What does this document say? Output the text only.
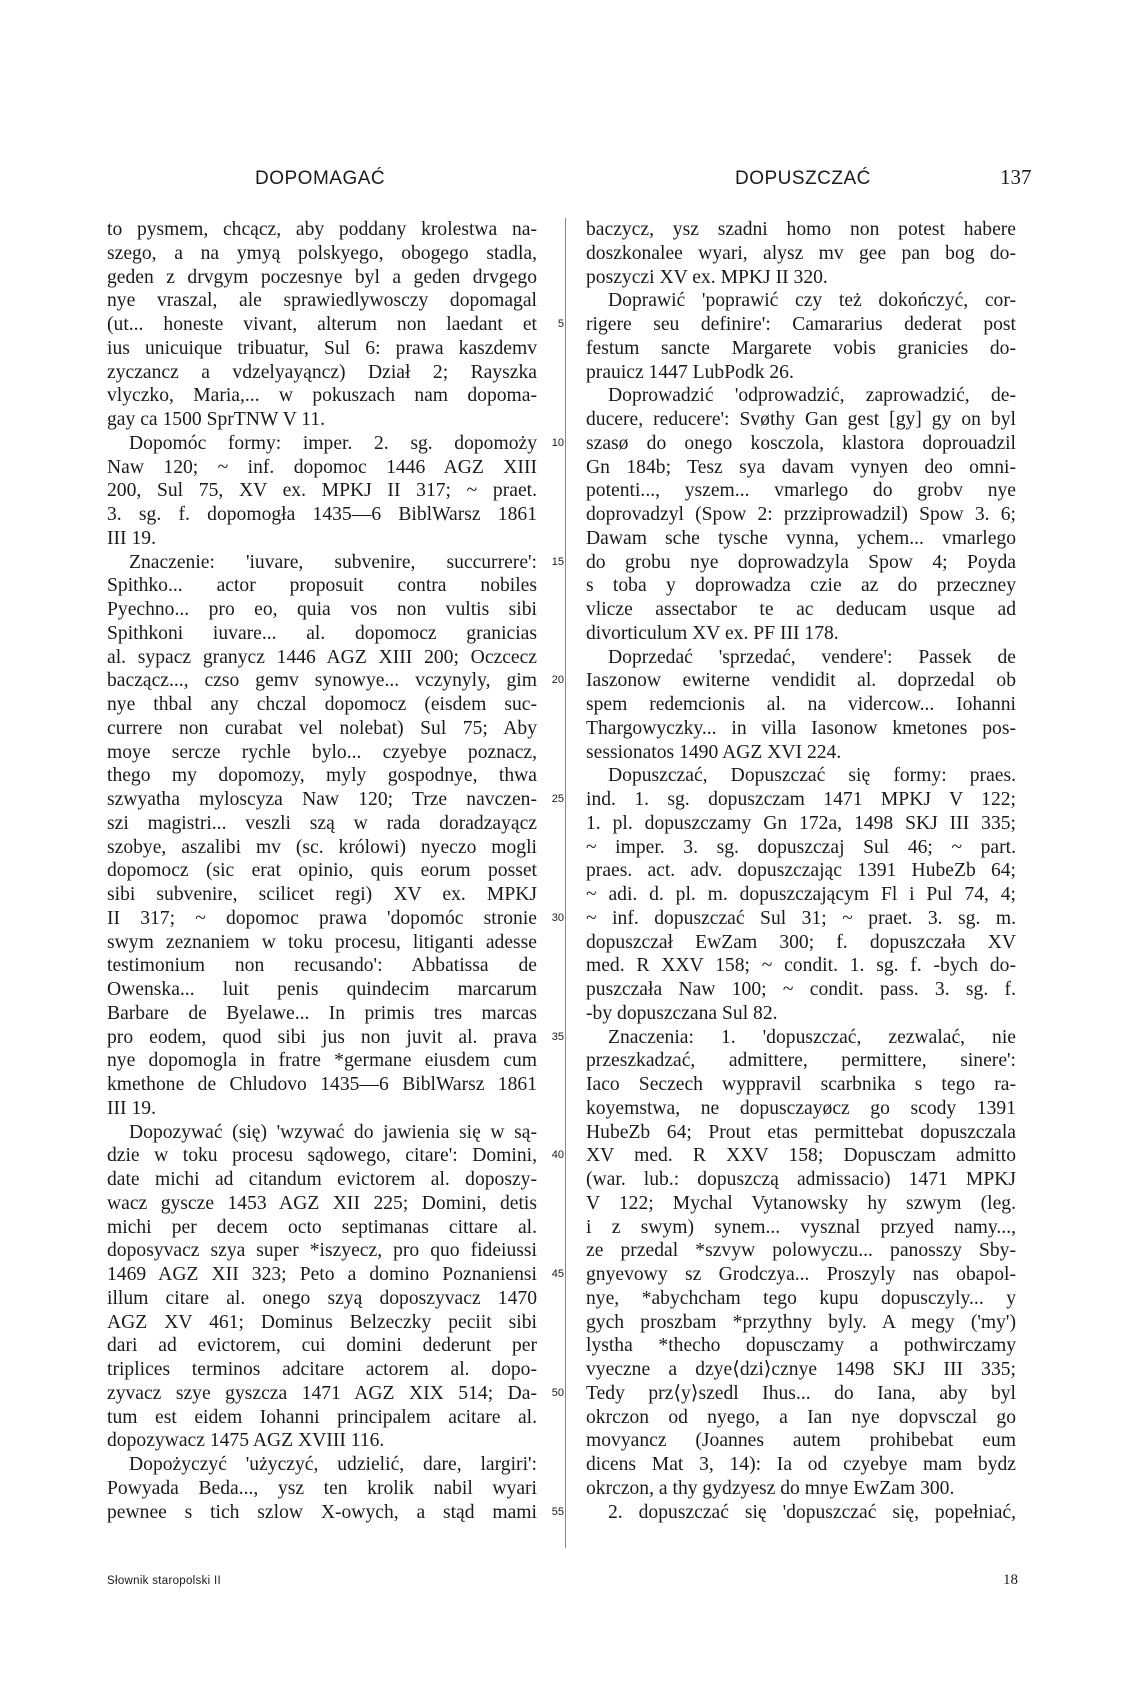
DOPOMAGAĆ	DOPUSZCZAĆ	137
to pysmem, chcącz, aby poddany krolestwa na-
szego, a na ymyą polskyego, obogego stadla,
geden z drvgym poczesnye byl a geden drvgego
nye vraszal, ale sprawiedlywosczy dopomagal
(ut... honeste vivant, alterum non laedant et
ius unicuique tribuatur, Sul 6: prawa kaszdemv
zyczancz a vdzelyayąncz) Dział 2; Rayszka
vlyczko, Maria,... w pokuszach nam dopoma-
gay ca 1500 SprTNW V 11.
Dopomóc formy: imper. 2. sg. dopomoży
Naw 120; ~ inf. dopomoc 1446 AGZ XIII
200, Sul 75, XV ex. MPKJ II 317; ~ praet.
3. sg. f. dopomogła 1435—6 BiblWarsz 1861
III 19.
Znaczenie: 'iuvare, subvenire, succurrere':
Spithko... actor proposuit contra nobiles
Pyechno... pro eo, quia vos non vultis sibi
Spithkoni iuvare... al. dopomocz granicias
al. sypacz granycz 1446 AGZ XIII 200; Oczcecz
baczącz..., czso gemv synowye... vczynyly, gim
nye thbal any chczal dopomocz (eisdem suc-
currere non curabat vel nolebat) Sul 75; Aby
moye sercze rychle bylo... czyebye poznacz,
thego my dopomozy, myly gospodnye, thwa
szwyatha myloscyza Naw 120; Trze navczen-
szi magistri... veszli szą w rada doradzayącz
szobye, aszalibi mv (sc. królowi) nyeczo mogli
dopomocz (sic erat opinio, quis eorum posset
sibi subvenire, scilicet regi) XV ex. MPKJ
II 317; ~ dopomoc prawa 'dopomóc stronie
swym zeznaniem w toku procesu, litiganti adesse
testimonium non recusando': Abbatissa de
Owenska... luit penis quindecim marcarum
Barbare de Byelawe... In primis tres marcas
pro eodem, quod sibi jus non juvit al. prava
nye dopomogla in fratre *germane eiusdem cum
kmethone de Chludovo 1435—6 BiblWarsz 1861
III 19.
Dopozywać (się) 'wzywać do jawienia się w są-
dzie w toku procesu sądowego, citare': Domini,
date michi ad citandum evictorem al. doposzy-
wacz gyscze 1453 AGZ XII 225; Domini, detis
michi per decem octo septimanas cittare al.
doposyvacz szya super *iszyecz, pro quo fideiussi
1469 AGZ XII 323; Peto a domino Poznaniensi
illum citare al. onego szyą doposzyvacz 1470
AGZ XV 461; Dominus Belzeczky peciit sibi
dari ad evictorem, cui domini dederunt per
triplices terminos adcitare actorem al. dopo-
zyvacz szye gyszcza 1471 AGZ XIX 514; Da-
tum est eidem Iohanni principalem acitare al.
dopozywacz 1475 AGZ XVIII 116.
Dopożyczyć 'użyczyć, udzielić, dare, largiri':
Powyada Beda..., ysz ten krolik nabil wyari
pewnee s tich szlow X-owych, a stąd mami
5
10
15
20
25
30
35
40
45
50
55
baczycz, ysz szadni homo non potest habere
doszkonalee wyari, alysz mv gee pan bog do-
poszyczi XV ex. MPKJ II 320.
Doprawić 'poprawić czy też dokończyć, cor-
rigere seu definire': Camararius dederat post
festum sancte Margarete vobis granicies do-
prauicz 1447 LubPodk 26.
Doprowadzić 'odprowadzić, zaprowadzić, de-
ducere, reducere': Svøthy Gan gest [gy] gy on byl
szasø do onego kosczola, klastora doprouadzil
Gn 184b; Tesz sya davam vynyen deo omni-
potenti..., yszem... vmarlego do grobv nye
doprovadzyl (Spow 2: przziprowadzil) Spow 3. 6;
Dawam sche tysche vynna, ychem... vmarlego
do grobu nye doprowadzyla Spow 4; Poyda
s toba y doprowadza czie az do przeczney
vlicze assectabor te ac deducam usque ad
divorticulum XV ex. PF III 178.
Doprzedać 'sprzedać, vendere': Passek de
Iaszonow ewiterne vendidit al. doprzedal ob
spem redemcionis al. na vidercow... Iohanni
Thargowyczky... in villa Iasonow kmetones pos-
sessionatos 1490 AGZ XVI 224.
Dopuszczać, Dopuszczać się formy: praes.
ind. 1. sg. dopuszczam 1471 MPKJ V 122;
1. pl. dopuszczamy Gn 172a, 1498 SKJ III 335;
~ imper. 3. sg. dopuszczaj Sul 46; ~ part.
praes. act. adv. dopuszczając 1391 HubeZb 64;
~ adi. d. pl. m. dopuszczającym Fl i Pul 74, 4;
~ inf. dopuszczać Sul 31; ~ praet. 3. sg. m.
dopuszczał EwZam 300; f. dopuszczała XV
med. R XXV 158; ~ condit. 1. sg. f. -bych do-
puszczała Naw 100; ~ condit. pass. 3. sg. f.
-by dopuszczana Sul 82.
Znaczenia: 1. 'dopuszczać, zezwalać, nie
przeszkadzać, admittere, permittere, sinere':
Iaco Seczech wyppravil scarbnika s tego ra-
koyemstwa, ne dopusczayøcz go scody 1391
HubeZb 64; Prout etas permittebat dopuszczala
XV med. R XXV 158; Dopusczam admitto
(war. lub.: dopuszczą admissacio) 1471 MPKJ
V 122; Mychal Vytanowsky hy szwym (leg.
i z swym) synem... vysznal przyed namy...,
ze przedal *szvyw polowyczu... panosszy Sby-
gnyevowy sz Grodczya... Proszyly nas obapol-
nye, *abychcham tego kupu dopusczyly... y
gych proszbam *przythny byly. A megy ('my')
lystha *thecho dopusczamy a pothwirczamy
vyeczne a dzye⟨dzi⟩cznye 1498 SKJ III 335;
Tedy prz⟨y⟩szedl Ihus... do Iana, aby byl
okrczon od nyego, a Ian nye dopvsczal go
movyancz (Joannes autem prohibebat eum
dicens Mat 3, 14): Ia od czyebye mam bydz
okrczon, a thy gydzyesz do mnye EwZam 300.
2. dopuszczać się 'dopuszczać się, popełniać,
Słownik staropolski II	18
